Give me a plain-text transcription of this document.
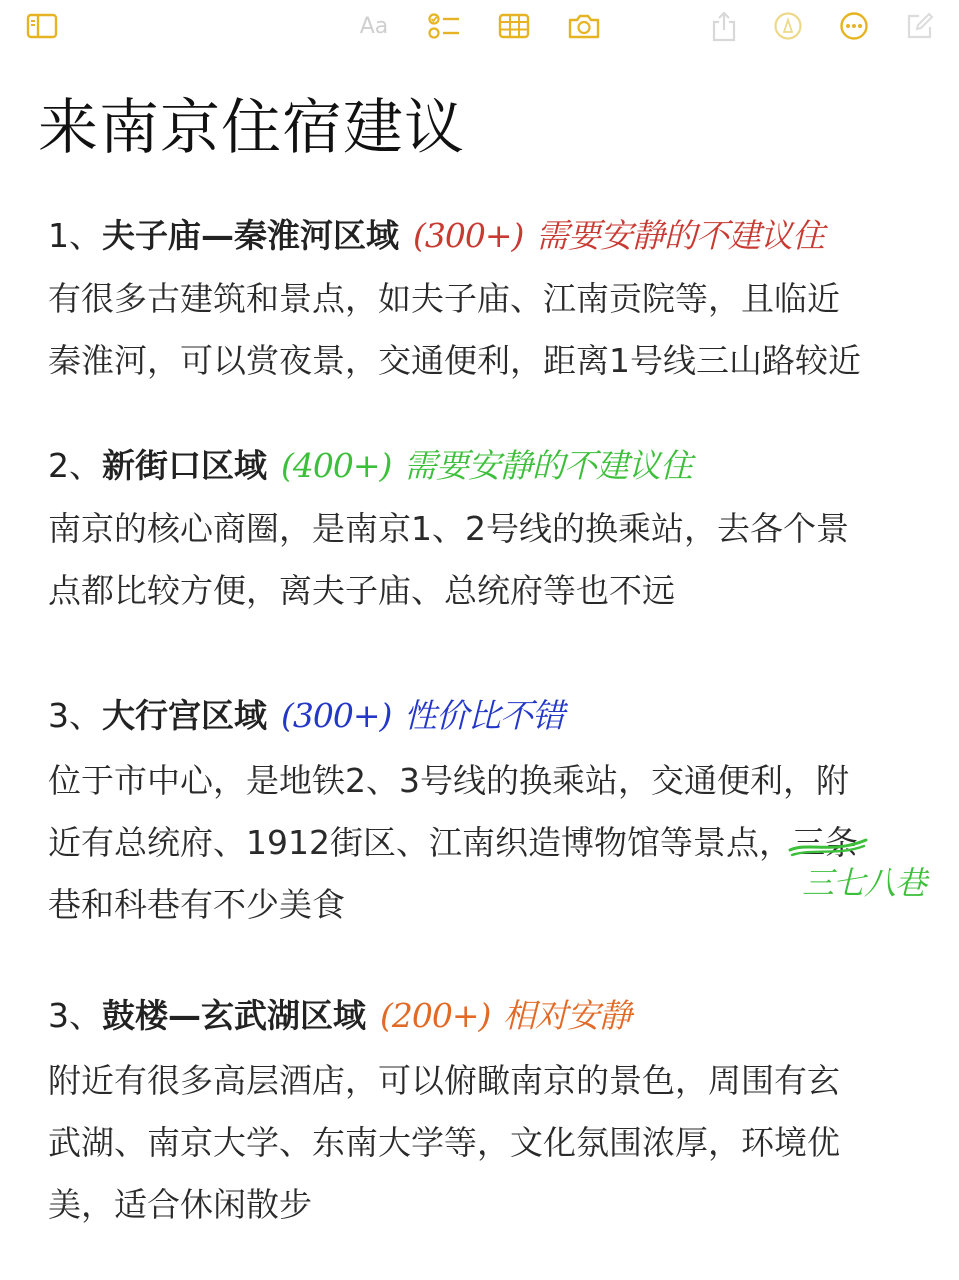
Aa
来南京住宿建议
1、夫子庙—秦淮河区域 (300+) 需要安静的不建议住
有很多古建筑和景点，如夫子庙、江南贡院等，且临近
秦淮河，可以赏夜景，交通便利，距离1号线三山路较近
2、新街口区域 (400+) 需要安静的不建议住
南京的核心商圈，是南京1、2号线的换乘站，去各个景
点都比较方便，离夫子庙、总统府等也不远
3、大行宫区域 (300+) 性价比不错
位于市中心，是地铁2、3号线的换乘站，交通便利，附
近有总统府、1912街区、江南织造博物馆等景点，三条
巷和科巷有不少美食
三七八巷
3、鼓楼—玄武湖区域 (200+) 相对安静
附近有很多高层酒店，可以俯瞰南京的景色，周围有玄
武湖、南京大学、东南大学等，文化氛围浓厚，环境优
美，适合休闲散步
